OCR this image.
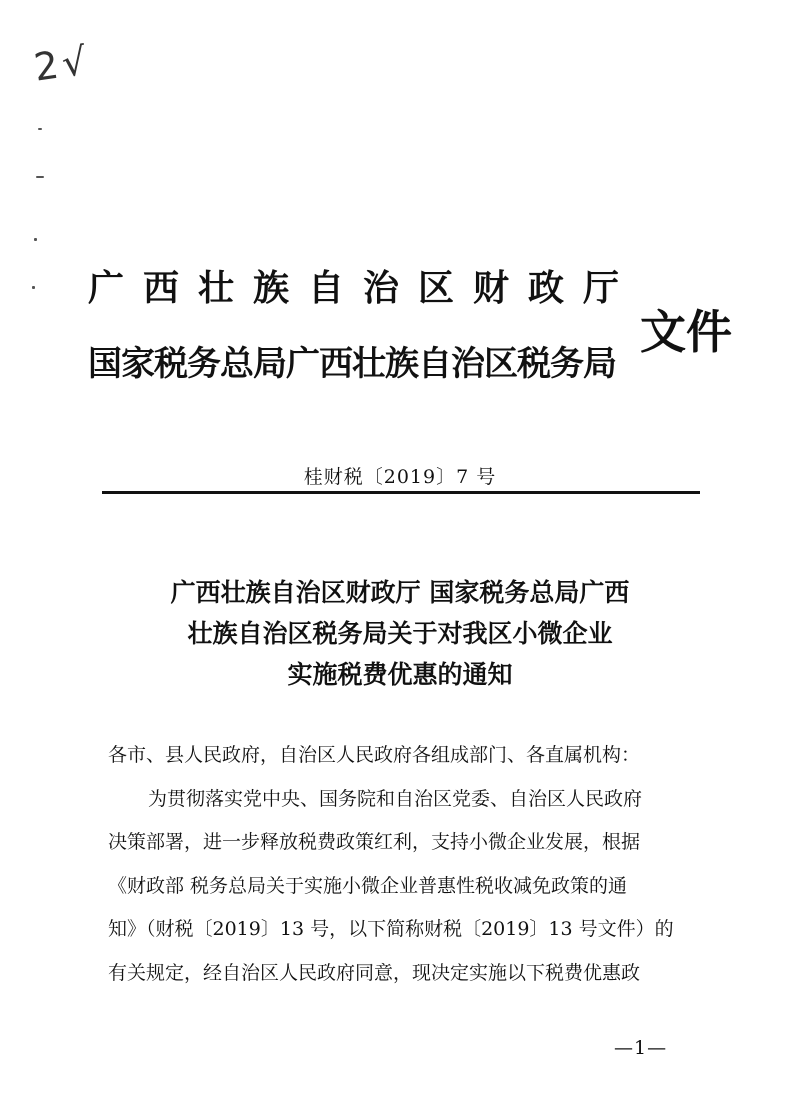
2√
广西壮族自治区财政厅
国家税务总局广西壮族自治区税务局
文件
桂财税〔2019〕7 号
广西壮族自治区财政厅 国家税务总局广西
壮族自治区税务局关于对我区小微企业
实施税费优惠的通知
各市、县人民政府，自治区人民政府各组成部门、各直属机构：
为贯彻落实党中央、国务院和自治区党委、自治区人民政府
决策部署，进一步释放税费政策红利，支持小微企业发展，根据
《财政部 税务总局关于实施小微企业普惠性税收减免政策的通
知》（财税〔2019〕13 号，以下简称财税〔2019〕13 号文件）的
有关规定，经自治区人民政府同意，现决定实施以下税费优惠政
—1—
